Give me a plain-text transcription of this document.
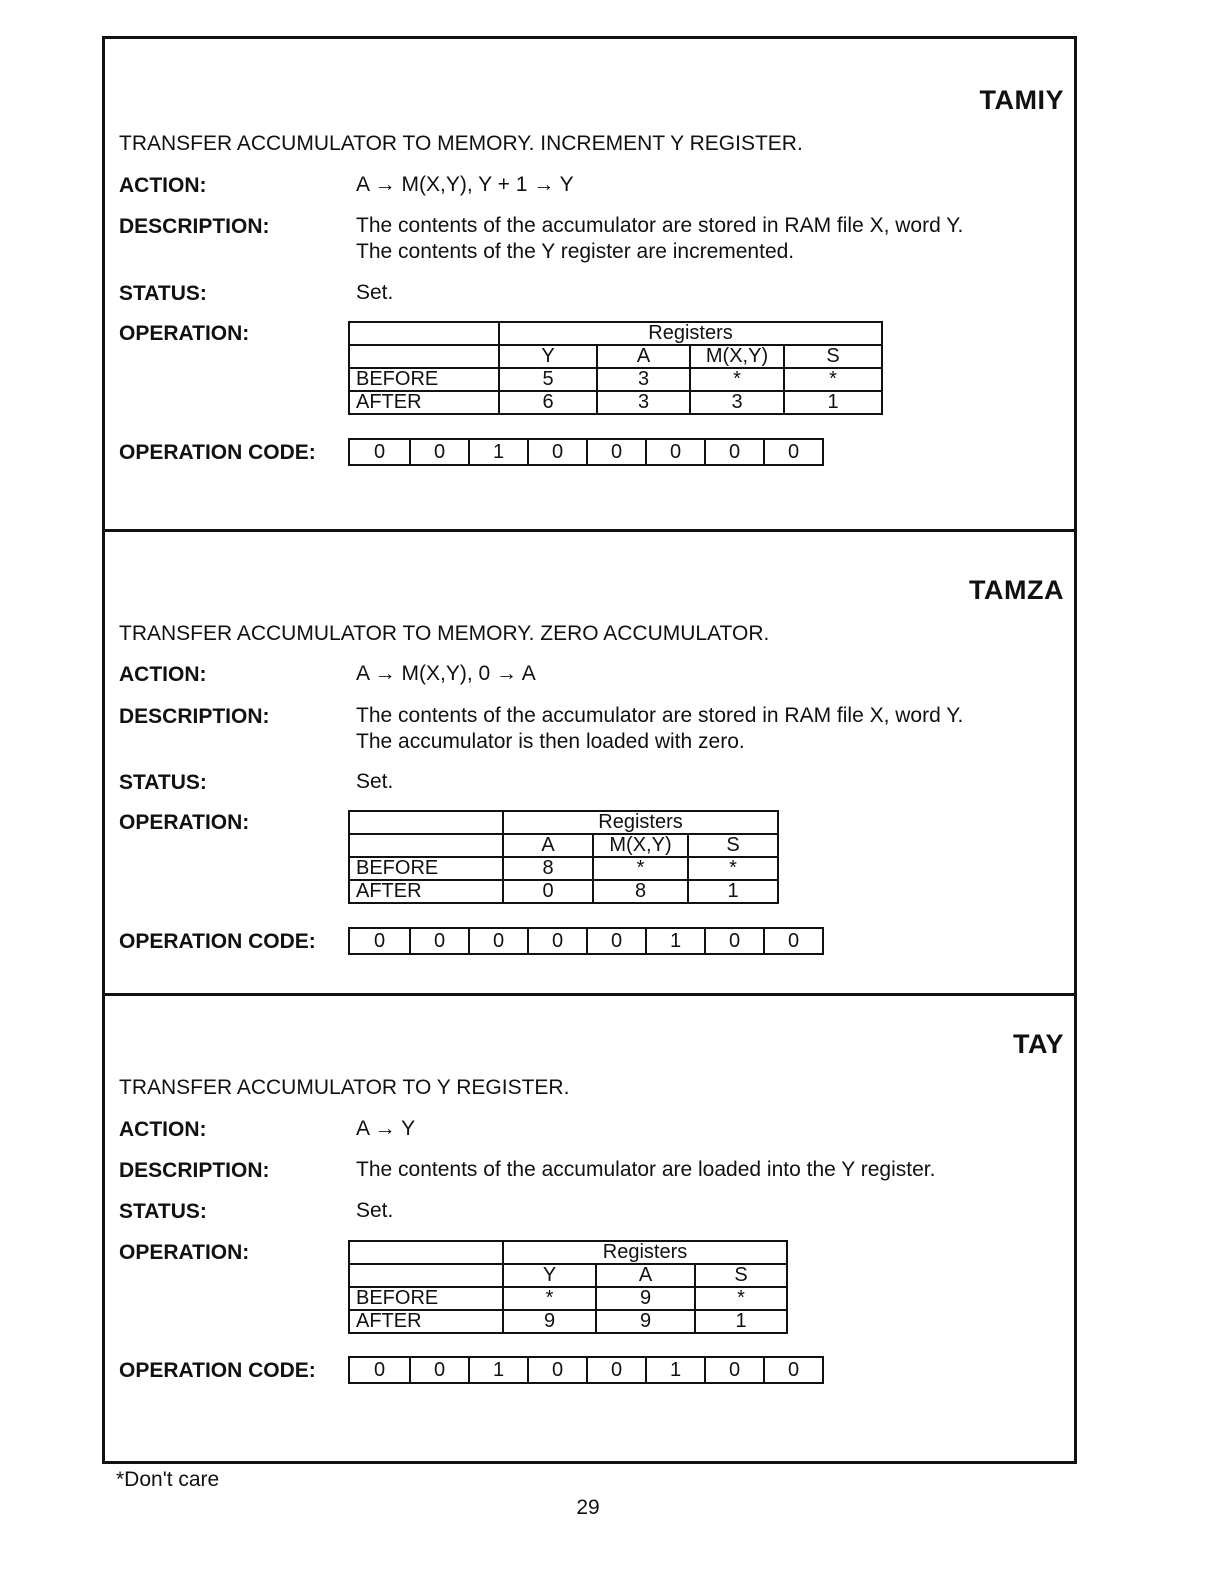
TAMIY
TRANSFER ACCUMULATOR TO MEMORY. INCREMENT Y REGISTER.
ACTION:	A → M(X,Y), Y + 1 → Y
DESCRIPTION:	The contents of the accumulator are stored in RAM file X, word Y.
The contents of the Y register are incremented.
STATUS:	Set.
OPERATION:
		Registers			
	Y	A	M(X,Y)	S
BEFORE	5	3	*	*
AFTER	6	3	3	1
OPERATION CODE:	0	0	1	0	0	0	0	0
TAMZA
TRANSFER ACCUMULATOR TO MEMORY. ZERO ACCUMULATOR.
ACTION:	A → M(X,Y), 0 → A
DESCRIPTION:	The contents of the accumulator are stored in RAM file X, word Y.
The accumulator is then loaded with zero.
STATUS:	Set.
OPERATION:
		Registers		
	A	M(X,Y)	S
BEFORE	8	*	*
AFTER	0	8	1
OPERATION CODE:	0	0	0	0	0	1	0	0
TAY
TRANSFER ACCUMULATOR TO Y REGISTER.
ACTION:	A → Y
DESCRIPTION:	The contents of the accumulator are loaded into the Y register.
STATUS:	Set.
OPERATION:
		Registers		
	Y	A	S
BEFORE	*	9	*
AFTER	9	9	1
OPERATION CODE:	0	0	1	0	0	1	0	0
*Don't care
29
